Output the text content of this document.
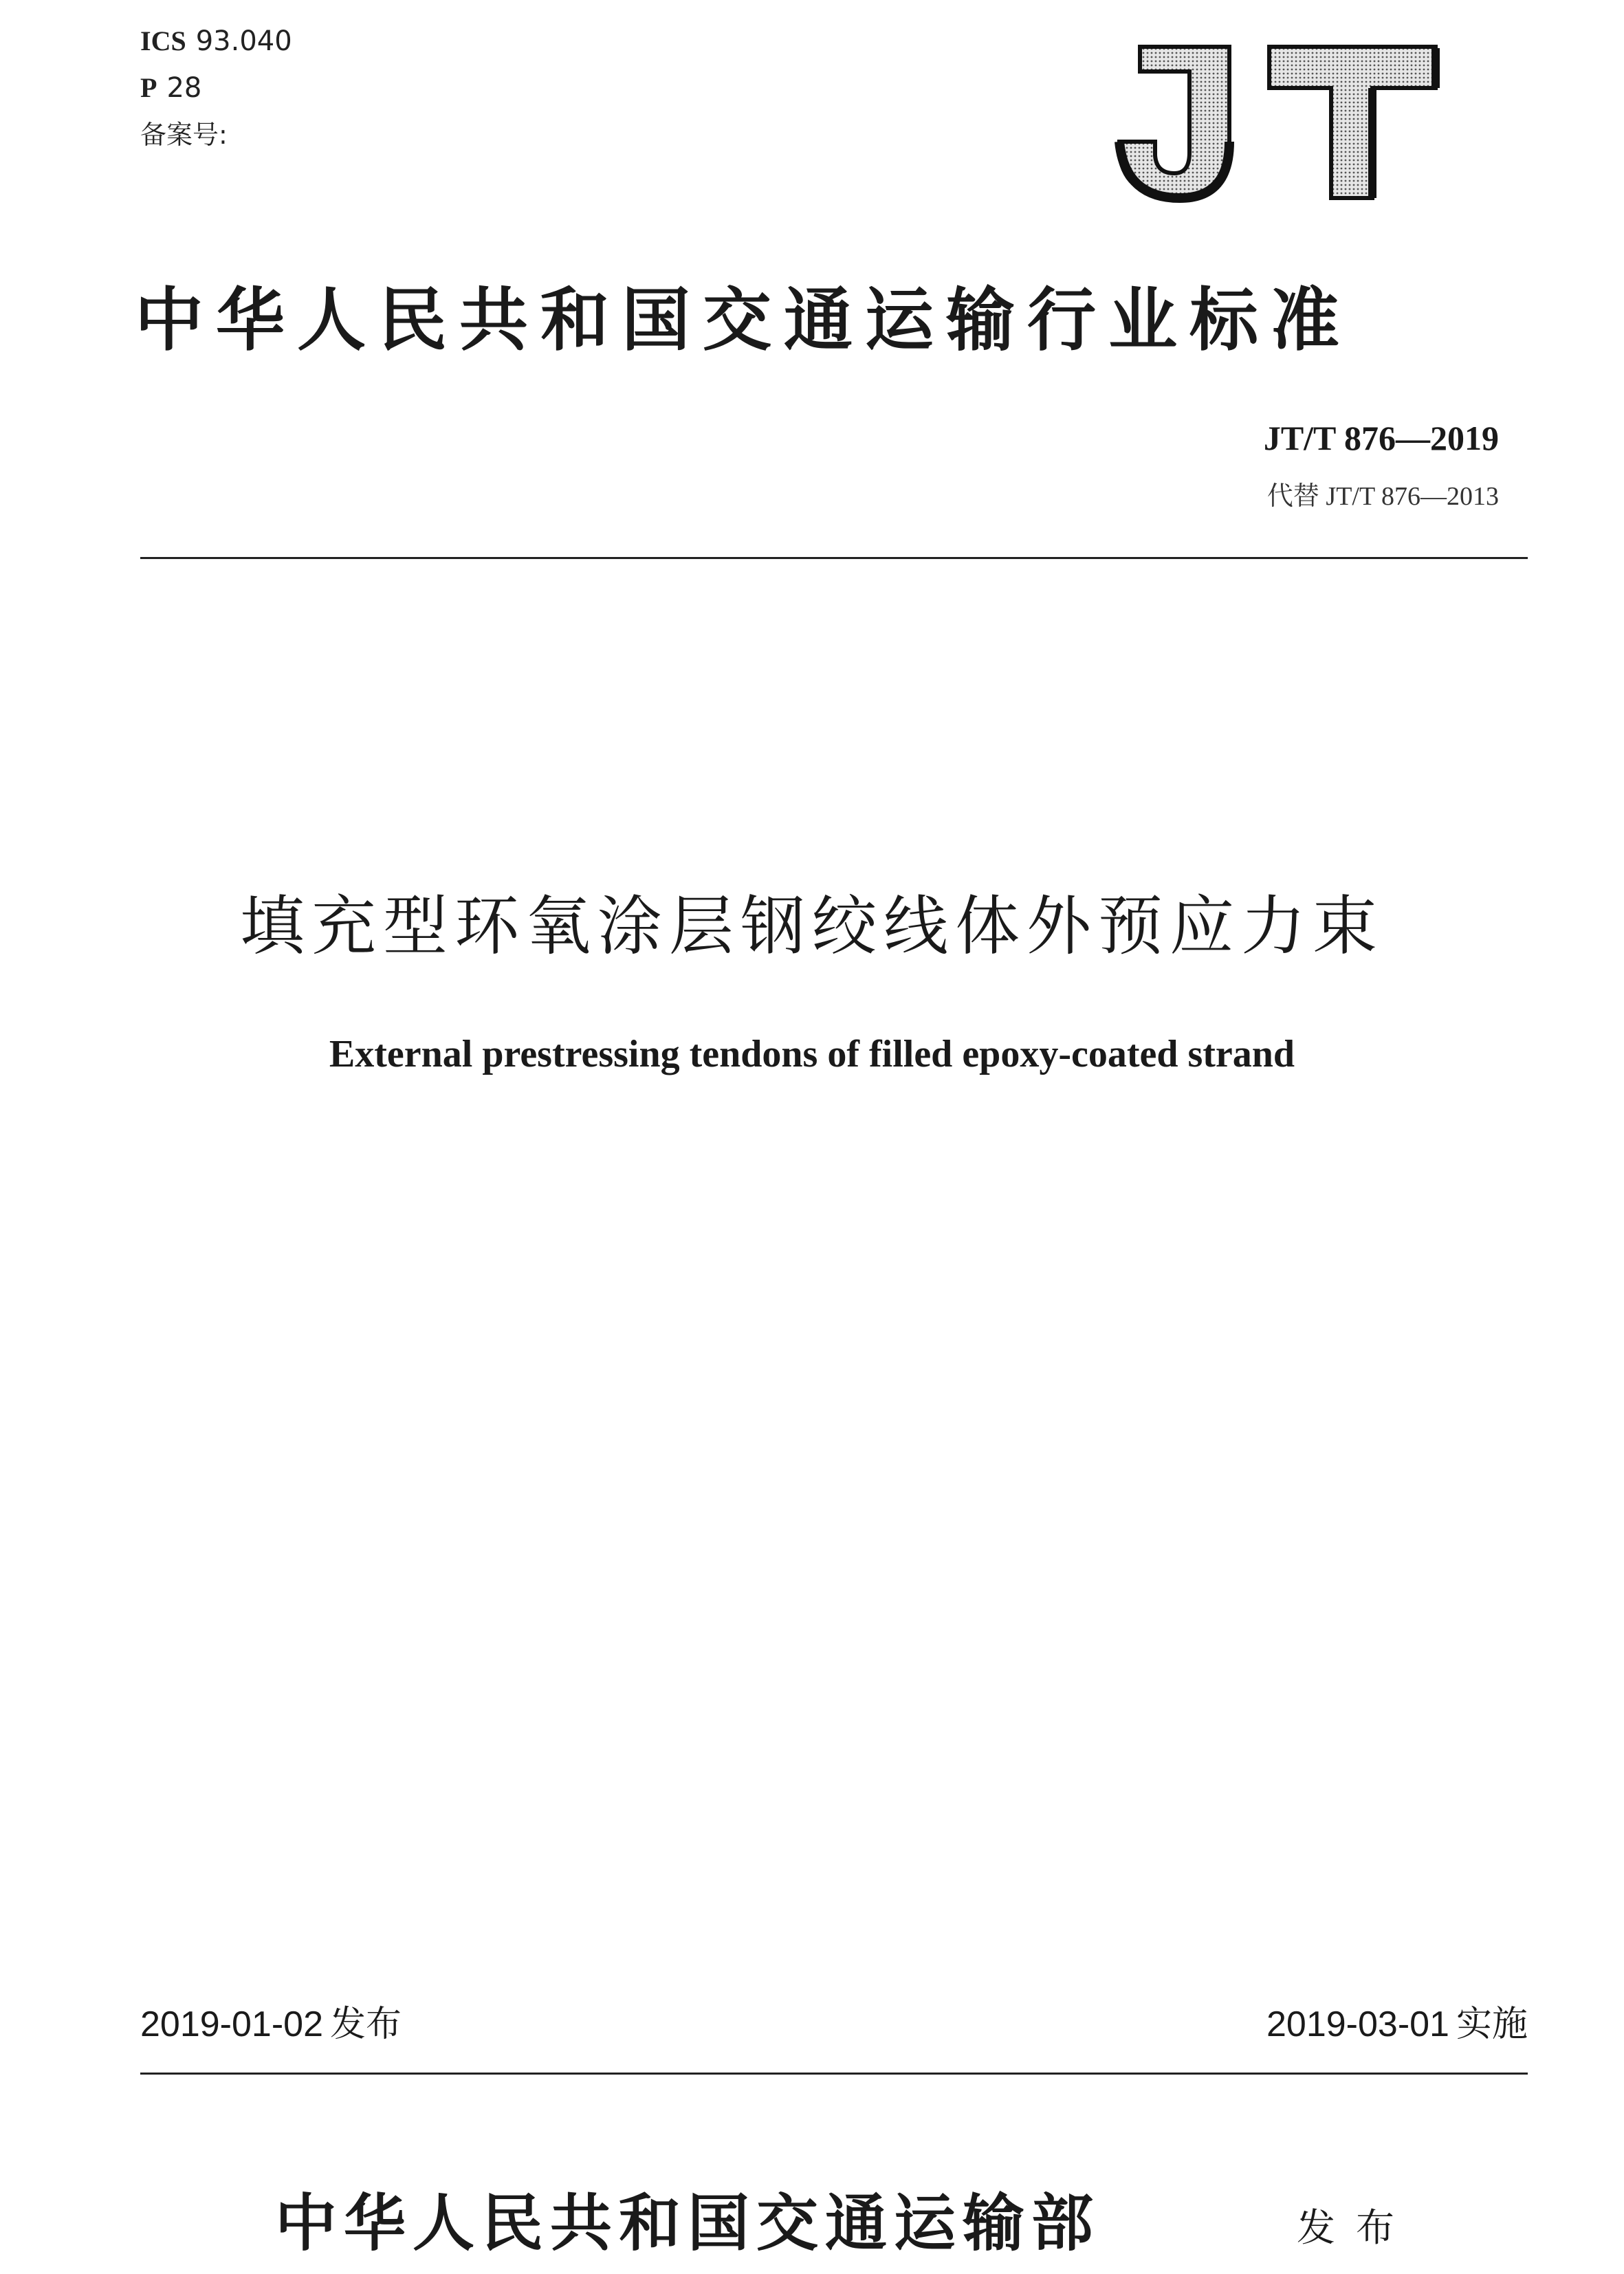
ICS 93.040
P 28
备案号:
中华人民共和国交通运输行业标准
JT/T 876—2019
代替 JT/T 876—2013
填充型环氧涂层钢绞线体外预应力束
External prestressing tendons of filled epoxy-coated strand
2019-01-02 发布	2019-03-01 实施
中华人民共和国交通运输部	发布
